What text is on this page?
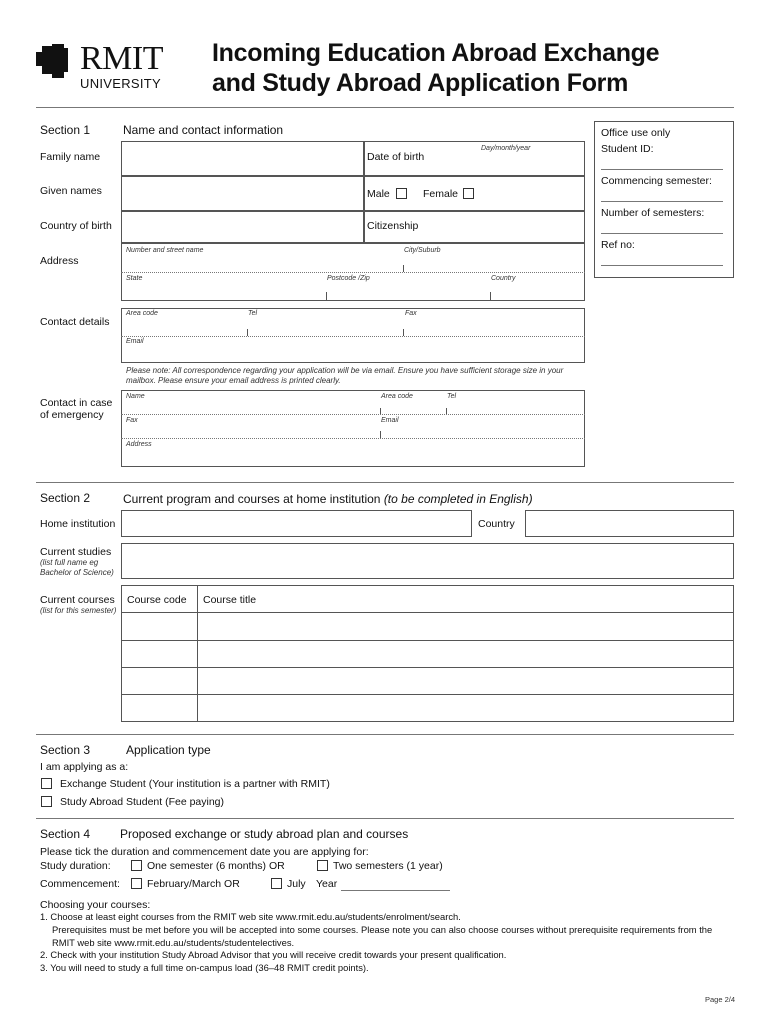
RMIT
UNIVERSITY
Incoming Education Abroad Exchange
and Study Abroad Application Form
Section 1	Name and contact information
Family name	Date of birth
Day/month/year
Given names	Male	Female
Country of birth	Citizenship
Address
Number and street name	City/Suburb
State	Postcode /Zip	Country
Contact details
Area code	Tel	Fax
Email
Please note: All correspondence regarding your application will be via email. Ensure you have sufficient storage size in your
mailbox. Please ensure your email address is printed clearly.
Contact in case
of emergency
Name	Area code	Tel
Fax	Email
Address
Office use only
Student ID:
Commencing semester:
Number of semesters:
Ref no:
Section 2	Current program and courses at home institution (to be completed in English)
Home institution	Country
Current studies
(list full name eg
Bachelor of Science)
Current courses
(list for this semester)
Course code Course title
Section 3	Application type
I am applying as a:
Exchange Student (Your institution is a partner with RMIT)
Study Abroad Student (Fee paying)
Section 4 Proposed exchange or study abroad plan and courses
Please tick the duration and commencement date you are applying for:
Study duration:	One semester (6 months) OR	Two semesters (1 year)
Commencement:	February/March OR	July Year
Choosing your courses:
1. Choose at least eight courses from the RMIT web site www.rmit.edu.au/students/enrolment/search.
Prerequisites must be met before you will be accepted into some courses. Please note you can also choose courses without prerequisite requirements from the
RMIT web site www.rmit.edu.au/students/studentelectives.
2. Check with your institution Study Abroad Advisor that you will receive credit towards your present qualification.
3. You will need to study a full time on-campus load (36–48 RMIT credit points).
Page 2/4
